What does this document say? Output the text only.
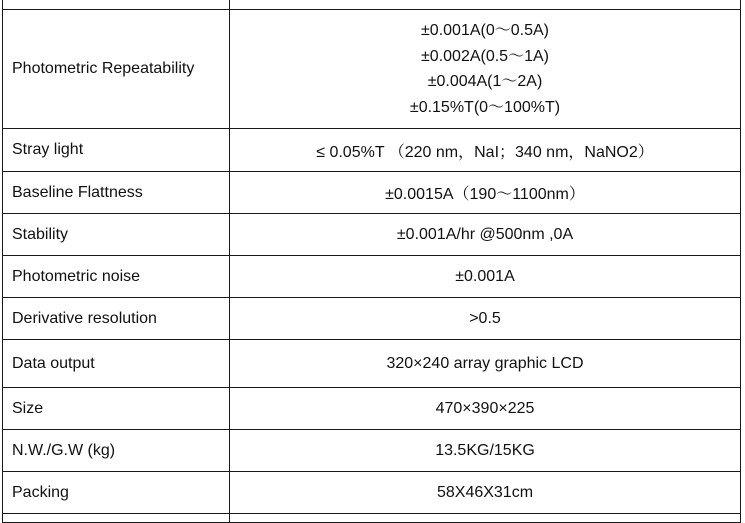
Photometric Repeatability	±0.001A(0～0.5A)
±0.002A(0.5～1A)
±0.004A(1～2A)
±0.15%T(0～100%T)

Stray light	≤ 0.05%T （220 nm，NaI；340 nm，NaNO2）
Baseline Flattness	±0.0015A（190～1100nm）
Stability	±0.001A/hr @500nm ,0A
Photometric noise	±0.001A
Derivative resolution	>0.5
Data output	320×240 array graphic LCD
Size	470×390×225
N.W./G.W (kg)	13.5KG/15KG
Packing	58X46X31cm
